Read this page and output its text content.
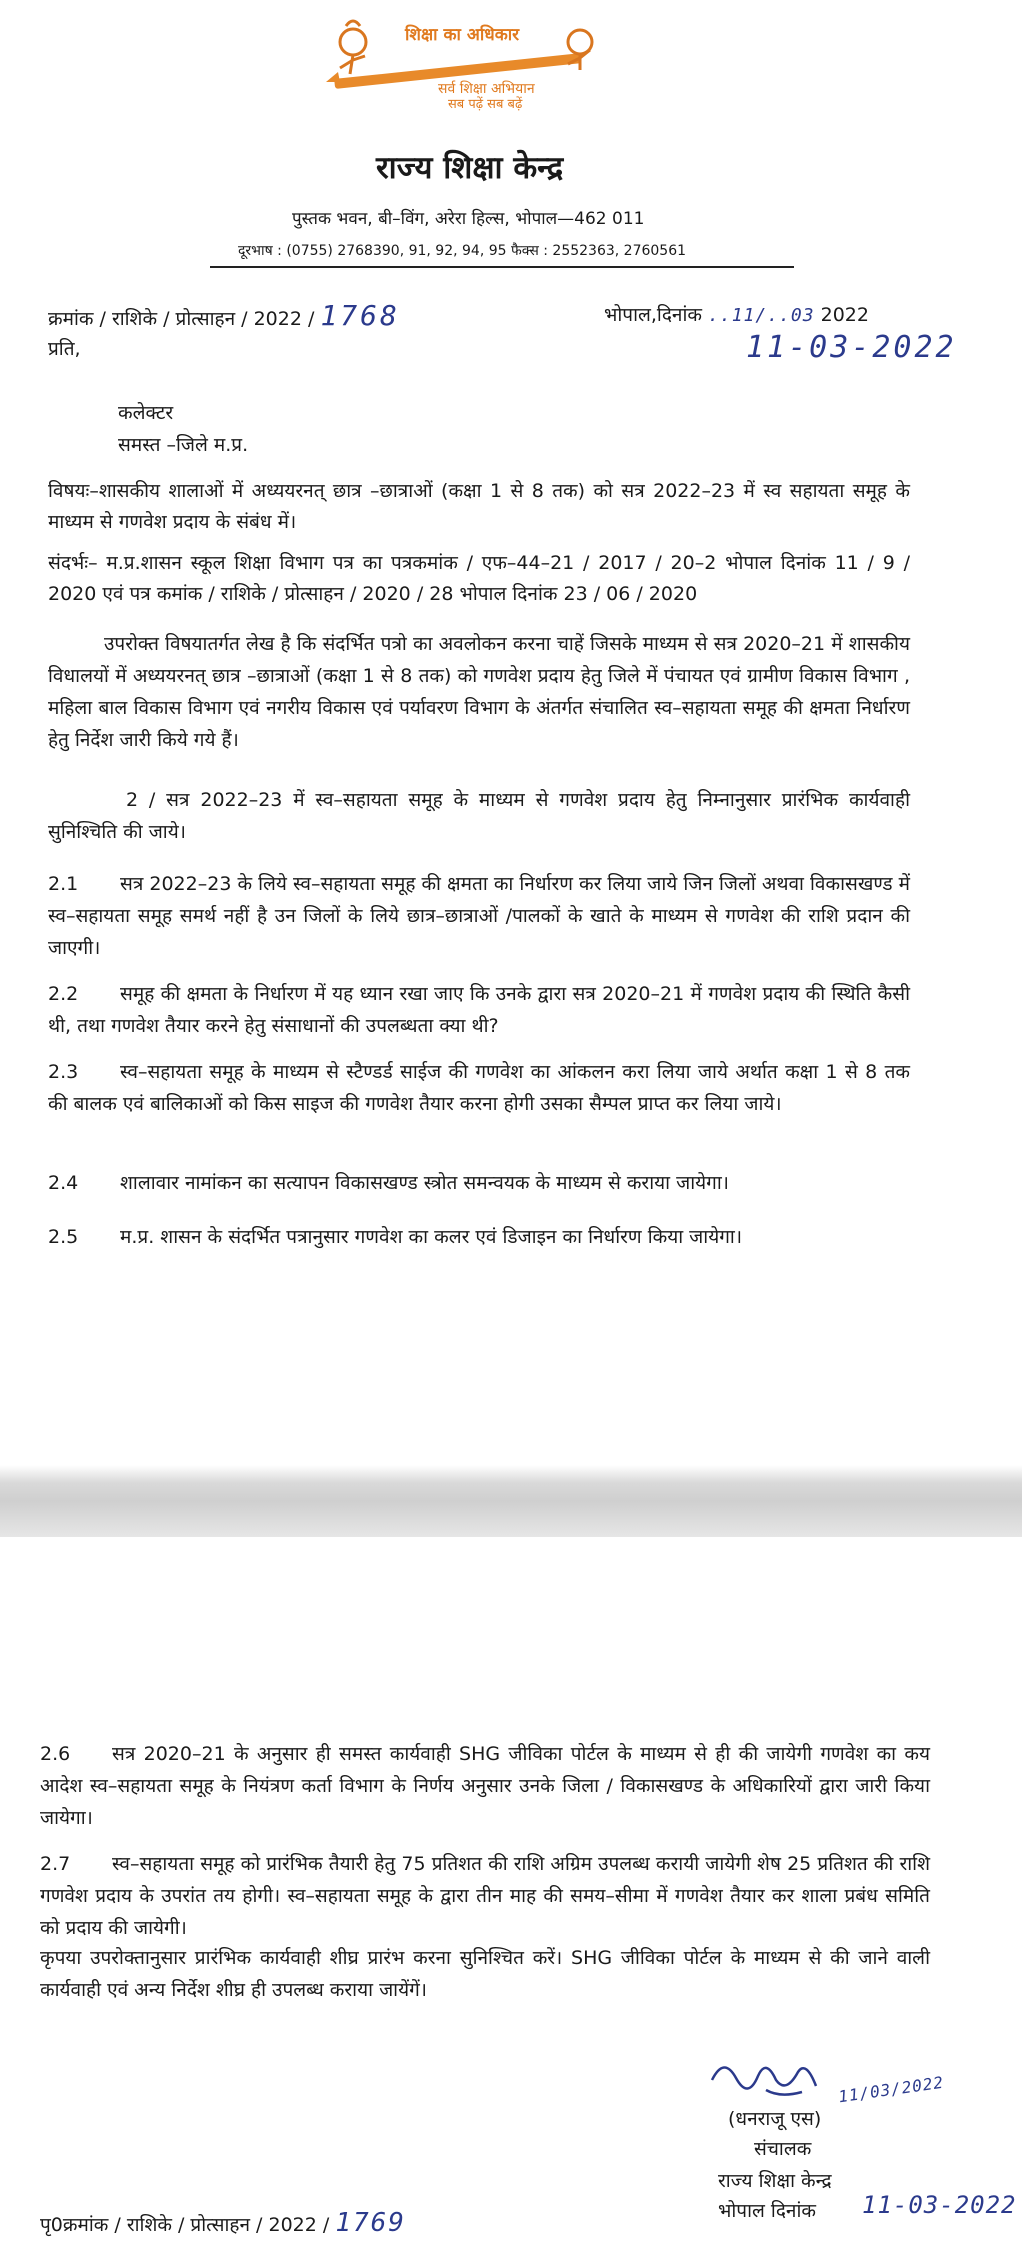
शिक्षा का अधिकार
सर्व शिक्षा अभियान
सब पढ़ें सब बढ़ें
राज्य शिक्षा केन्द्र
पुस्तक भवन, बी–विंग, अरेरा हिल्स, भोपाल—462 011
दूरभाष : (0755) 2768390, 91, 92, 94, 95 फैक्स : 2552363, 2760561
क्रमांक / राशिके / प्रोत्साहन / 2022 / 1768	भोपाल,दिनांक ..11/..03 2022
11-03-2022
प्रति,
कलेक्टर
समस्त –जिले म.प्र.
विषयः–शासकीय शालाओं में अध्ययरनत् छात्र –छात्राओं (कक्षा 1 से 8 तक) को सत्र 2022–23 में स्व सहायता समूह के माध्यम से गणवेश प्रदाय के संबंध में।
संदर्भः– म.प्र.शासन स्कूल शिक्षा विभाग पत्र का पत्रकमांक / एफ–44–21 / 2017 / 20–2 भोपाल दिनांक 11 / 9 / 2020 एवं पत्र कमांक / राशिके / प्रोत्साहन / 2020 / 28 भोपाल दिनांक 23 / 06 / 2020
उपरोक्त विषयातर्गत लेख है कि संदर्भित पत्रो का अवलोकन करना चाहें जिसके माध्यम से सत्र 2020–21 में शासकीय विधालयों में अध्ययरनत् छात्र –छात्राओं (कक्षा 1 से 8 तक) को गणवेश प्रदाय हेतु जिले में पंचायत एवं ग्रामीण विकास विभाग , महिला बाल विकास विभाग एवं नगरीय विकास एवं पर्यावरण विभाग के अंतर्गत संचालित स्व–सहायता समूह की क्षमता निर्धारण हेतु निर्देश जारी किये गये हैं।
2 / सत्र 2022–23 में स्व–सहायता समूह के माध्यम से गणवेश प्रदाय हेतु निम्नानुसार प्रारंभिक कार्यवाही सुनिश्चिति की जाये।
2.1 सत्र 2022–23 के लिये स्व–सहायता समूह की क्षमता का निर्धारण कर लिया जाये जिन जिलों अथवा विकासखण्ड में स्व–सहायता समूह समर्थ नहीं है उन जिलों के लिये छात्र–छात्राओं /पालकों के खाते के माध्यम से गणवेश की राशि प्रदान की जाएगी।
2.2 समूह की क्षमता के निर्धारण में यह ध्यान रखा जाए कि उनके द्वारा सत्र 2020–21 में गणवेश प्रदाय की स्थिति कैसी थी, तथा गणवेश तैयार करने हेतु संसाधानों की उपलब्धता क्या थी?
2.3 स्व–सहायता समूह के माध्यम से स्टैण्डर्ड साईज की गणवेश का आंकलन करा लिया जाये अर्थात कक्षा 1 से 8 तक की बालक एवं बालिकाओं को किस साइज की गणवेश तैयार करना होगी उसका सैम्पल प्राप्त कर लिया जाये।
2.4 शालावार नामांकन का सत्यापन विकासखण्ड स्त्रोत समन्वयक के माध्यम से कराया जायेगा।
2.5 म.प्र. शासन के संदर्भित पत्रानुसार गणवेश का कलर एवं डिजाइन का निर्धारण किया जायेगा।
2.6 सत्र 2020–21 के अनुसार ही समस्त कार्यवाही SHG जीविका पोर्टल के माध्यम से ही की जायेगी गणवेश का कय आदेश स्व–सहायता समूह के नियंत्रण कर्ता विभाग के निर्णय अनुसार उनके जिला / विकासखण्ड के अधिकारियों द्वारा जारी किया जायेगा।
2.7 स्व–सहायता समूह को प्रारंभिक तैयारी हेतु 75 प्रतिशत की राशि अग्रिम उपलब्ध करायी जायेगी शेष 25 प्रतिशत की राशि गणवेश प्रदाय के उपरांत तय होगी। स्व–सहायता समूह के द्वारा तीन माह की समय–सीमा में गणवेश तैयार कर शाला प्रबंध समिति को प्रदाय की जायेगी।
कृपया उपरोक्तानुसार प्रारंभिक कार्यवाही शीघ्र प्रारंभ करना सुनिश्चित करें। SHG जीविका पोर्टल के माध्यम से की जाने वाली कार्यवाही एवं अन्य निर्देश शीघ्र ही उपलब्ध कराया जायेंगें।
11/03/2022
(धनराजू एस)
संचालक
राज्य शिक्षा केन्द्र
भोपाल दिनांक 11-03-2022
पृ0क्रमांक / राशिके / प्रोत्साहन / 2022 / 1769
